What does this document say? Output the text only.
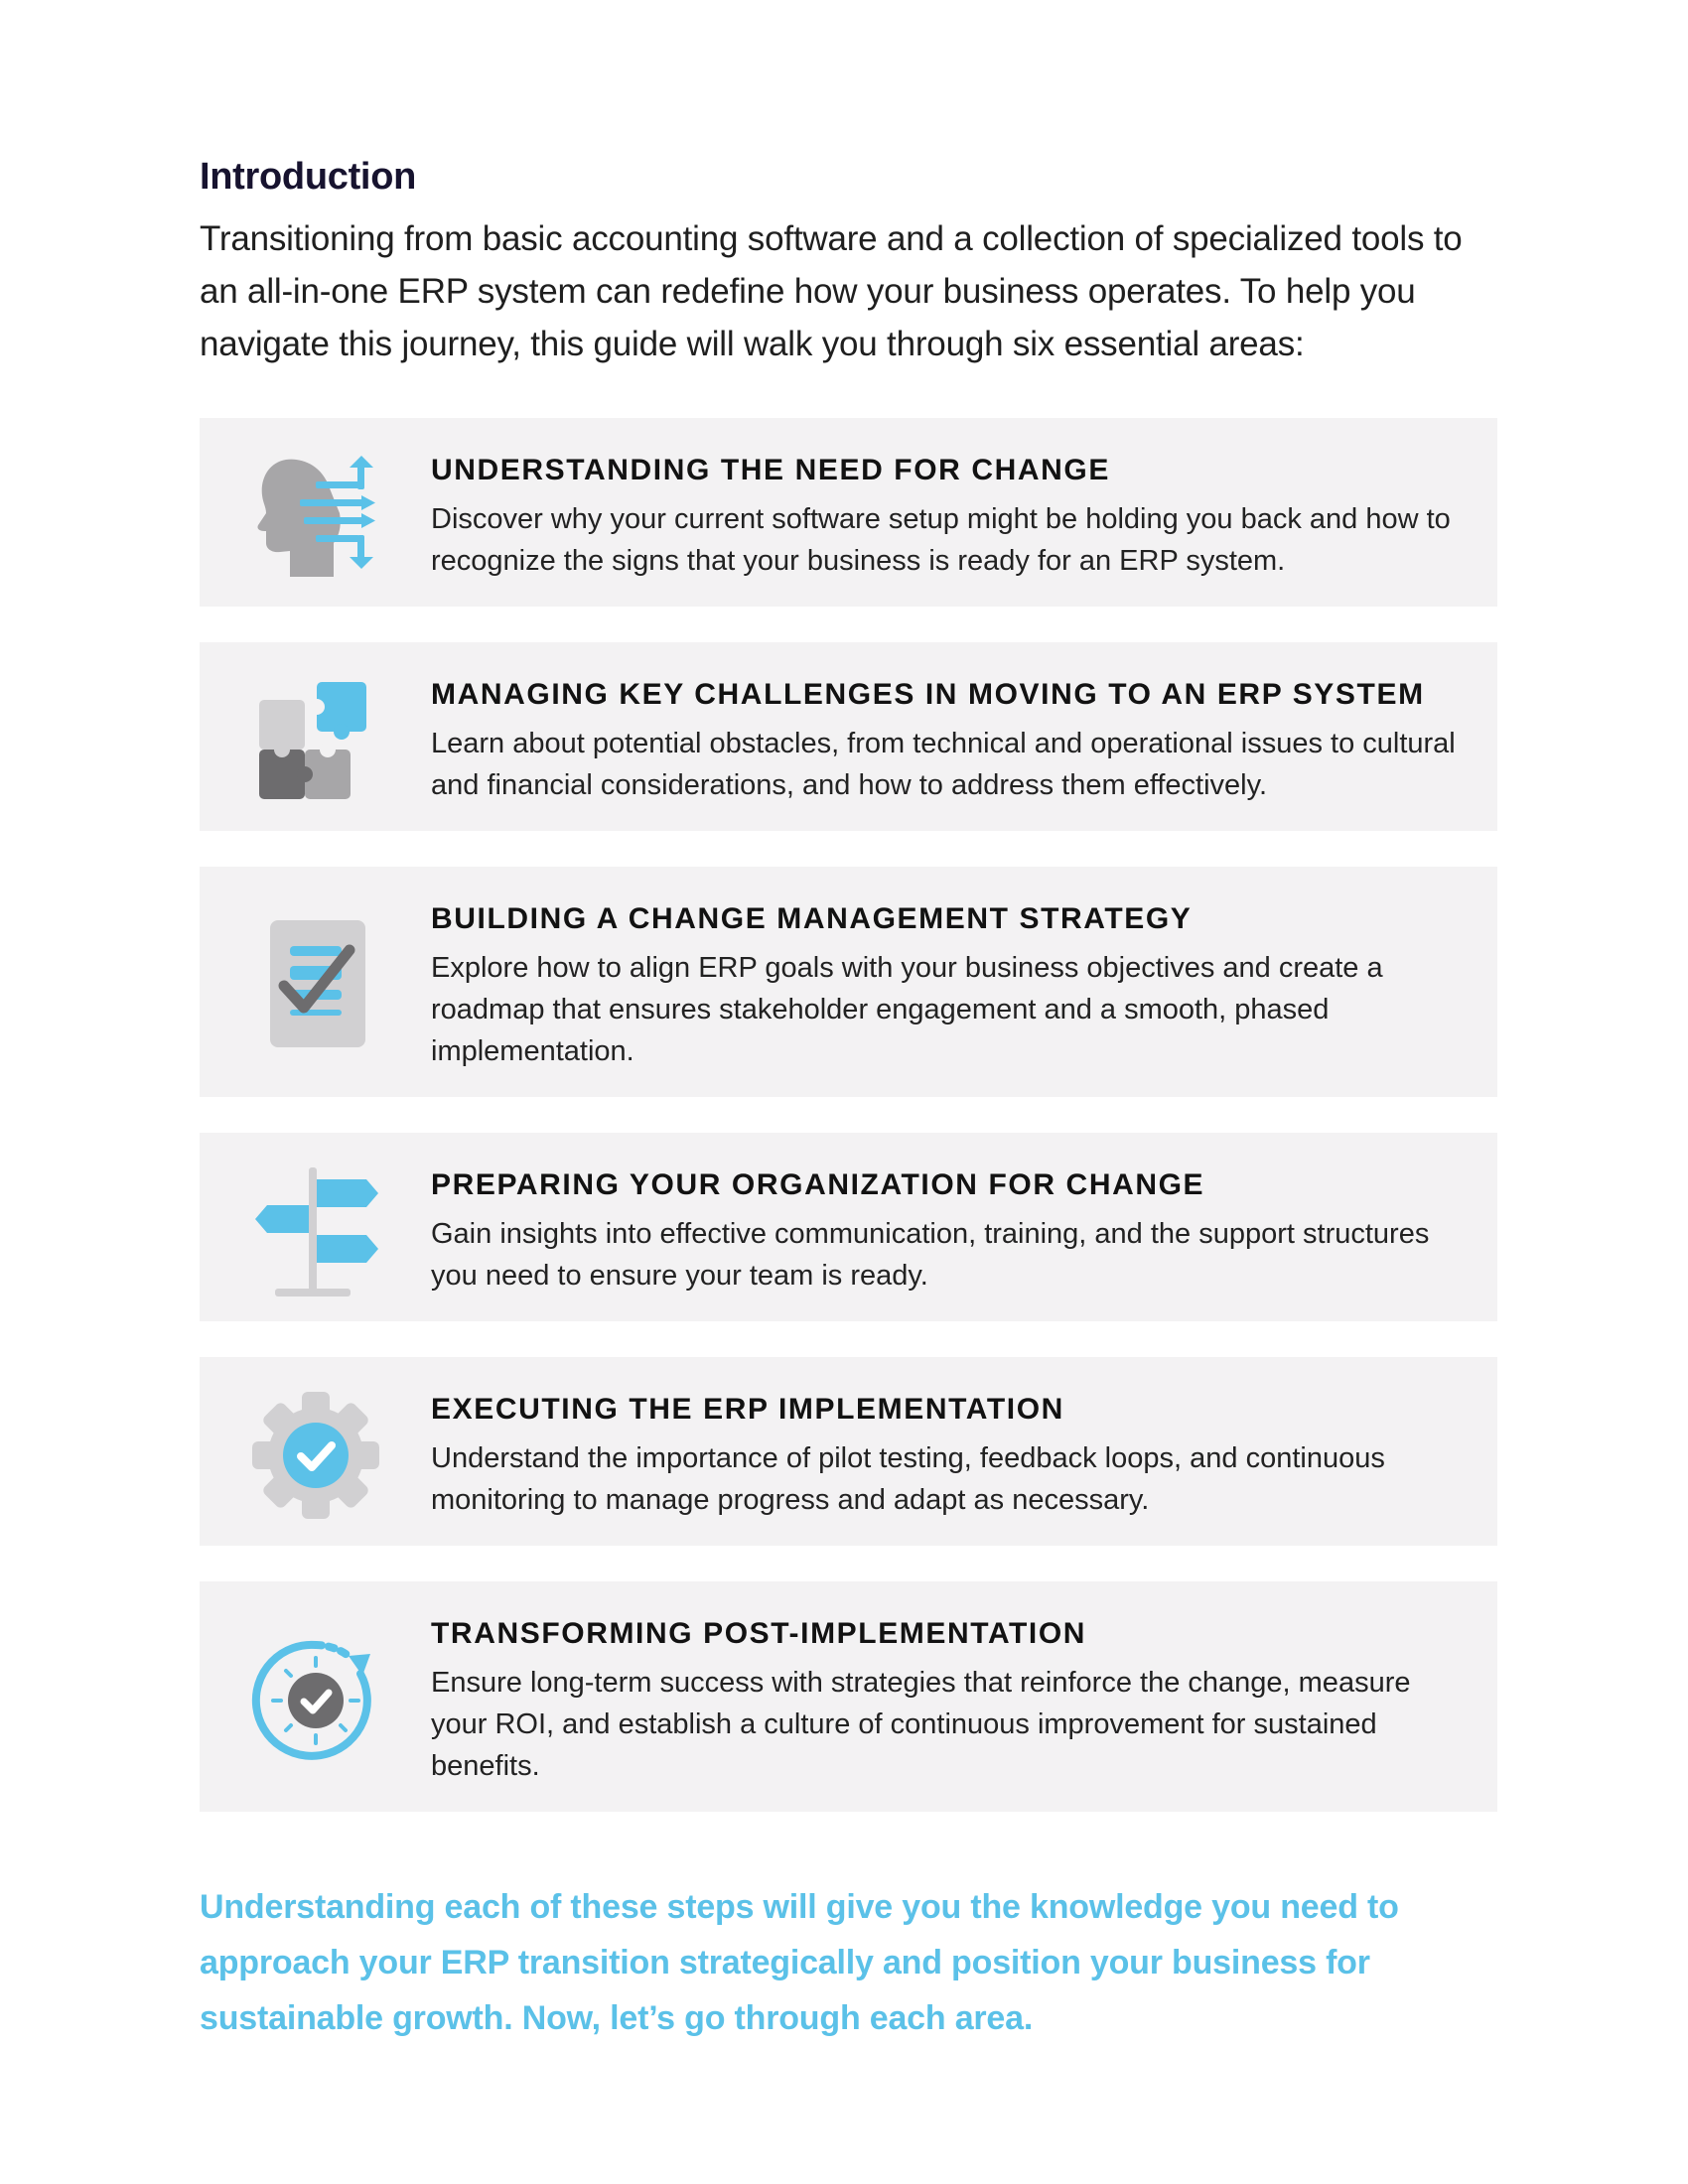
Introduction

Transitioning from basic accounting software and a collection of specialized tools to an all-in-one ERP system can redefine how your business operates. To help you navigate this journey, this guide will walk you through six essential areas:

UNDERSTANDING THE NEED FOR CHANGE

Discover why your current software setup might be holding you back and how to recognize the signs that your business is ready for an ERP system.

MANAGING KEY CHALLENGES IN MOVING TO AN ERP SYSTEM

Learn about potential obstacles, from technical and operational issues to cultural and financial considerations, and how to address them effectively.

BUILDING A CHANGE MANAGEMENT STRATEGY

Explore how to align ERP goals with your business objectives and create a roadmap that ensures stakeholder engagement and a smooth, phased implementation.

PREPARING YOUR ORGANIZATION FOR CHANGE

Gain insights into effective communication, training, and the support structures you need to ensure your team is ready.

EXECUTING THE ERP IMPLEMENTATION

Understand the importance of pilot testing, feedback loops, and continuous monitoring to manage progress and adapt as necessary.

TRANSFORMING POST-IMPLEMENTATION

Ensure long-term success with strategies that reinforce the change, measure your ROI, and establish a culture of continuous improvement for sustained benefits.

Understanding each of these steps will give you the knowledge you need to approach your ERP transition strategically and position your business for sustainable growth. Now, let’s go through each area.
